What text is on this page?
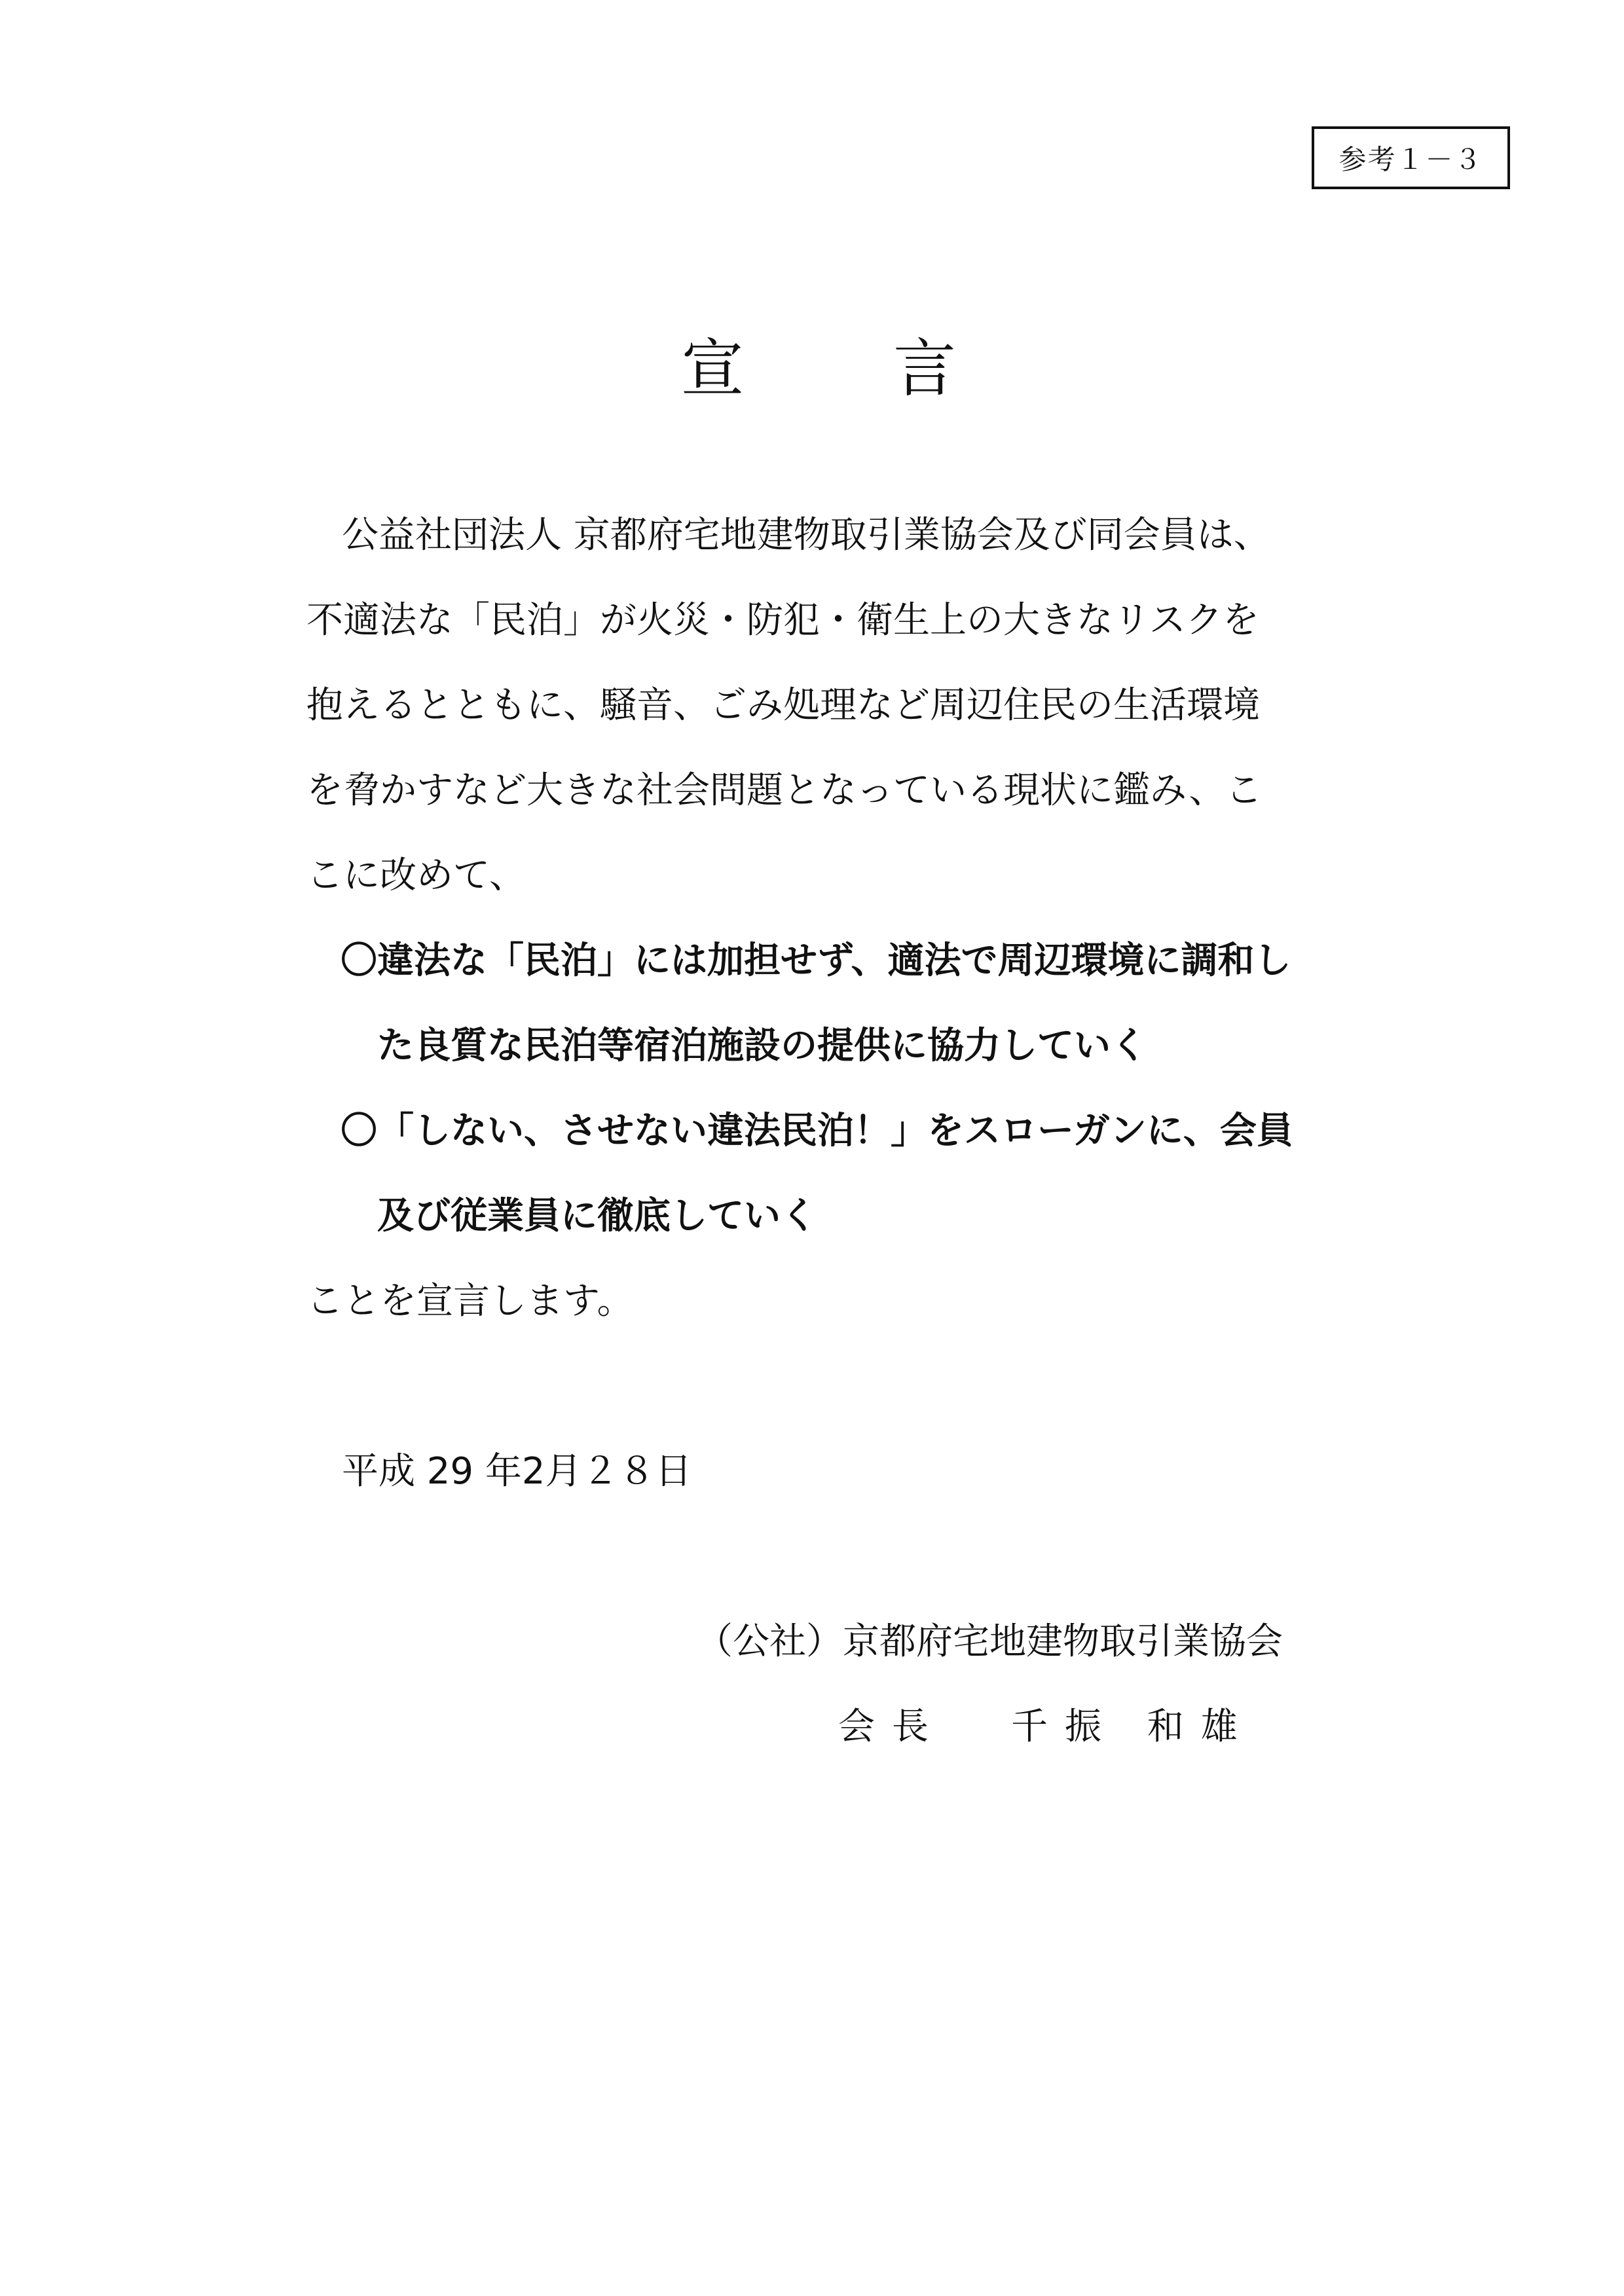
参考１－３
宣 言
公益社団法人 京都府宅地建物取引業協会及び同会員は、
不適法な「民泊」が火災・防犯・衛生上の大きなリスクを
抱えるとともに、騒音、ごみ処理など周辺住民の生活環境
を脅かすなど大きな社会問題となっている現状に鑑み、こ
こに改めて、
〇違法な「民泊」には加担せず、適法で周辺環境に調和し
た良質な民泊等宿泊施設の提供に協力していく
〇「しない、させない違法民泊！」をスローガンに、会員
及び従業員に徹底していく
ことを宣言します。
平成 29 年2月２８日
（公社）京都府宅地建物取引業協会
会長 千振 和雄
